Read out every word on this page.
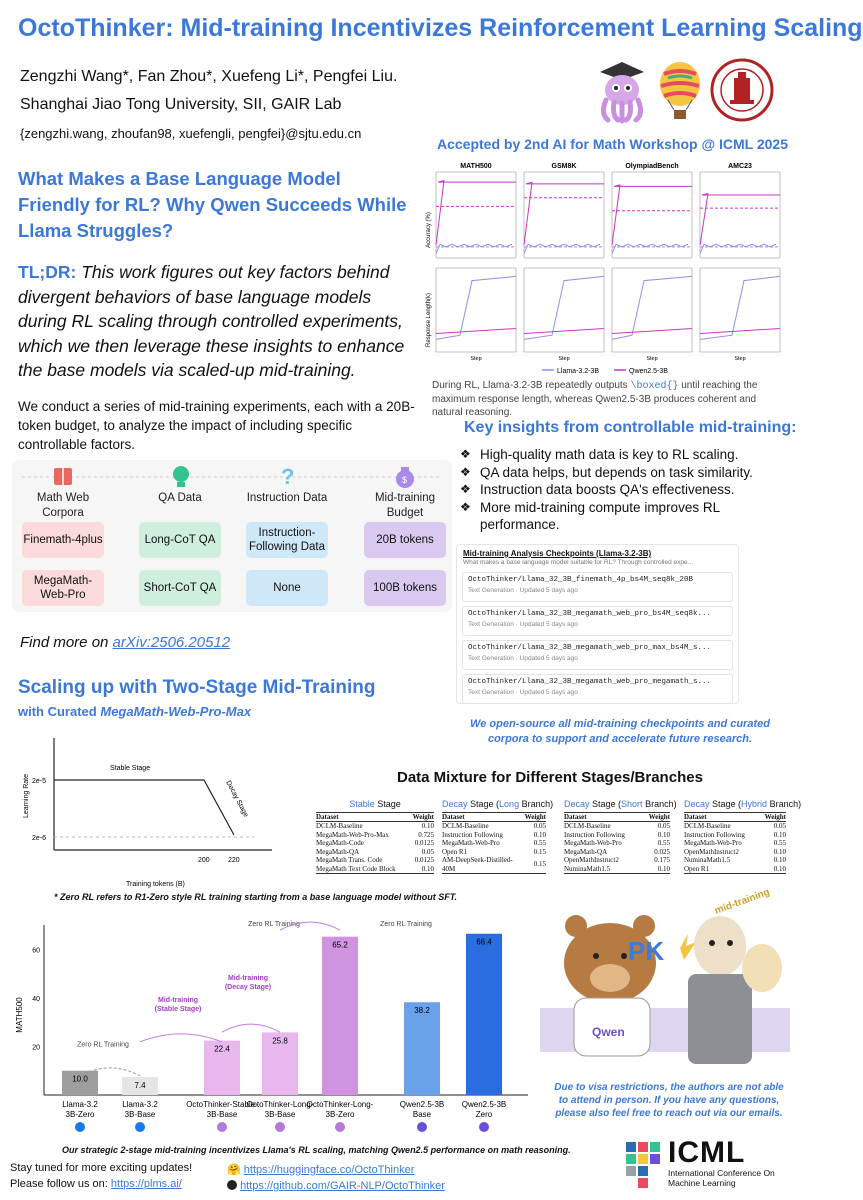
OctoThinker: Mid-training Incentivizes Reinforcement Learning Scaling
Zengzhi Wang*, Fan Zhou*, Xuefeng Li*, Pengfei Liu.
Shanghai Jiao Tong University, SII, GAIR Lab
{zengzhi.wang, zhoufan98, xuefengli, pengfei}@sjtu.edu.cn
Accepted by 2nd AI for Math Workshop @ ICML 2025
What Makes a Base Language Model Friendly for RL? Why Qwen Succeeds While Llama Struggles?
TL;DR: This work figures out key factors behind divergent behaviors of base language models during RL scaling through controlled experiments, which we then leverage these insights to enhance the base models via scaled-up mid-training.
We conduct a series of mid-training experiments, each with a 20B-token budget, to analyze the impact of including specific controllable factors.
?	$
Math Web Corpora
QA Data	Instruction Data	Mid-training Budget
Finemath-4plus	Long-CoT QA
Instruction-Following Data
20B tokens
MegaMath-Web-Pro
Short-CoT QA	None	100B tokens
Find more on arXiv:2506.20512
Accuracy (%)
Response Length(k)
MATH500
Step
GSM8K
Step
OlympiadBench
Step
AMC23
Step
Llama-3.2-3B	Qwen2.5-3B
During RL, Llama-3.2-3B repeatedly outputs \boxed{} until reaching the maximum response length, whereas Qwen2.5-3B produces coherent and natural reasoning.
Key insights from controllable mid-training:
❖ High-quality math data is key to RL scaling.
❖ QA data helps, but depends on task similarity.
❖ Instruction data boosts QA's effectiveness.
❖ More mid-training compute improves RL performance.
Mid-training Analysis Checkpoints (Llama-3.2-3B)
What makes a base language model suitable for RL? Through controlled expe...
OctoThinker/Llama_32_3B_finemath_4p_bs4M_seq8k_20B
Text Generation · Updated 5 days ago
OctoThinker/Llama_32_3B_megamath_web_pro_bs4M_seq8k...
Text Generation · Updated 5 days ago
OctoThinker/Llama_32_3B_megamath_web_pro_max_bs4M_s...
Text Generation · Updated 5 days ago
OctoThinker/Llama_32_3B_megamath_web_pro_megamath_s...
Text Generation · Updated 5 days ago
We open-source all mid-training checkpoints and curated corpora to support and accelerate future research.
Scaling up with Two-Stage Mid-Training
with Curated MegaMath-Web-Pro-Max
Learning Rate 2e-5
2e-6
200	220
Training tokens (B)
Stable Stage
Decay Stage
Data Mixture for Different Stages/Branches
Stable Stage
Dataset	Weight
DCLM-Baseline	0.10
MegaMath-Web-Pro-Max	0.725
MegaMath-Code	0.0125
MegaMath-QA	0.05
MegaMath Trans. Code	0.0125
MegaMath Text Code Block	0.10
Decay Stage (Long Branch)
Dataset	Weight
DCLM-Baseline	0.05
Instruction Following	0.10
MegaMath-Web-Pro	0.55
Open R1	0.15
AM-DeepSeek-Distilled-40M	0.15
Decay Stage (Short Branch)
Dataset	Weight
DCLM-Baseline	0.05
Instruction Following	0.10
MegaMath-Web-Pro	0.55
MegaMath-QA	0.025
OpenMathInstruct2	0.175
NuminaMath1.5	0.10
Decay Stage (Hybrid Branch)
Dataset	Weight
DCLM-Baseline	0.05
Instruction Following	0.10
MegaMath-Web-Pro	0.55
OpenMathInstruct2	0.10
NuminaMath1.5	0.10
Open R1	0.10
* Zero RL refers to R1-Zero style RL training starting from a base language model without SFT.
MATH500
20
40
60
10.0
Llama-3.2
3B-Zero
7.4
Llama-3.2
3B-Base
22.4
OctoThinker-Stable-
3B-Base
25.8
OctoThinker-Long-
3B-Base
65.2
OctoThinker-Long-
3B-Zero
38.2
Qwen2.5-3B
Base
66.4
Qwen2.5-3B
Zero
Zero RL Training
Mid-training
(Stable Stage)
Mid-training
(Decay Stage)
Zero RL Training	Zero RL Training
Qwen
PK
mid-training
Due to visa restrictions, the authors are not able to attend in person. If you have any questions, please also feel free to reach out via our emails.
Our strategic 2-stage mid-training incentivizes Llama's RL scaling, matching Qwen2.5 performance on math reasoning.
Stay tuned for more exciting updates!
Please follow us on: https://plms.ai/
🤗 https://huggingface.co/OctoThinker
https://github.com/GAIR-NLP/OctoThinker
ICML
International Conference On Machine Learning
